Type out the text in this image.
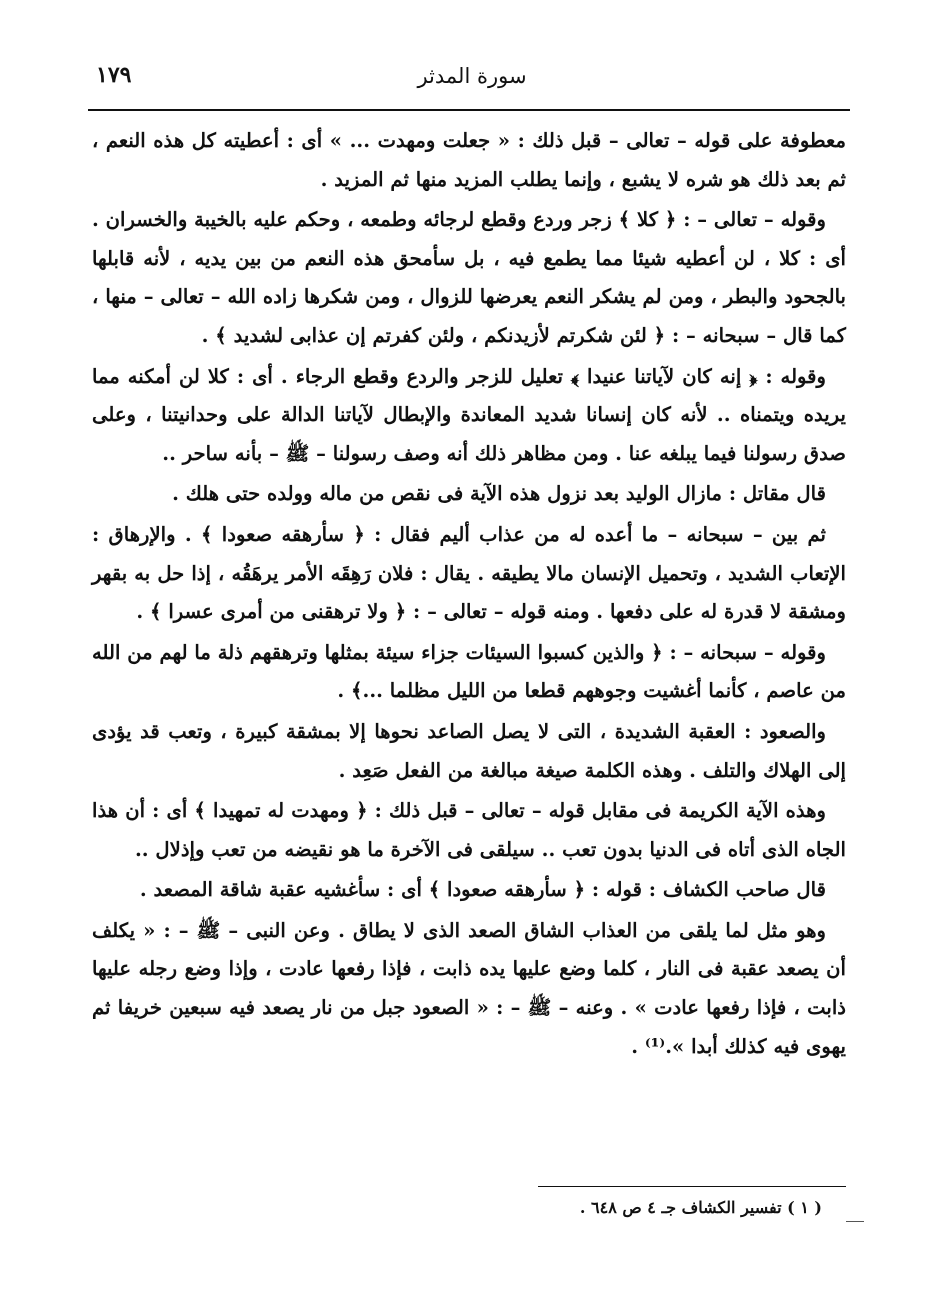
١٧٩	سورة المدثر

معطوفة على قوله – تعالى – قبل ذلك : « جعلت ومهدت ... » أى : أعطيته كل هذه النعم ، ثم بعد ذلك هو شره لا يشبع ، وإنما يطلب المزيد منها ثم المزيد .

وقوله – تعالى – : ﴿ كلا ﴾ زجر وردع وقطع لرجائه وطمعه ، وحكم عليه بالخيبة والخسران . أى : كلا ، لن أعطيه شيئا مما يطمع فيه ، بل سأمحق هذه النعم من بين يديه ، لأنه قابلها بالجحود والبطر ، ومن لم يشكر النعم يعرضها للزوال ، ومن شكرها زاده الله – تعالى – منها ، كما قال – سبحانه – : ﴿ لئن شكرتم لأزيدنكم ، ولئن كفرتم إن عذابى لشديد ﴾ .

وقوله : ﴿ إنه كان لآياتنا عنيدا ﴾ تعليل للزجر والردع وقطع الرجاء . أى : كلا لن أمكنه مما يريده ويتمناه .. لأنه كان إنسانا شديد المعاندة والإبطال لآياتنا الدالة على وحدانيتنا ، وعلى صدق رسولنا فيما يبلغه عنا . ومن مظاهر ذلك أنه وصف رسولنا – ﷺ – بأنه ساحر ..

قال مقاتل : مازال الوليد بعد نزول هذه الآية فى نقص من ماله وولده حتى هلك .

ثم بين – سبحانه – ما أعده له من عذاب أليم فقال : ﴿ سأرهقه صعودا ﴾ . والإرهاق : الإتعاب الشديد ، وتحميل الإنسان مالا يطيقه . يقال : فلان رَهِقَه الأمر يرهَقُه ، إذا حل به بقهر ومشقة لا قدرة له على دفعها . ومنه قوله – تعالى – : ﴿ ولا ترهقنى من أمرى عسرا ﴾ .

وقوله – سبحانه – : ﴿ والذين كسبوا السيئات جزاء سيئة بمثلها وترهقهم ذلة ما لهم من الله من عاصم ، كأنما أغشيت وجوههم قطعا من الليل مظلما ...﴾ .

والصعود : العقبة الشديدة ، التى لا يصل الصاعد نحوها إلا بمشقة كبيرة ، وتعب قد يؤدى إلى الهلاك والتلف . وهذه الكلمة صيغة مبالغة من الفعل صَعِد .

وهذه الآية الكريمة فى مقابل قوله – تعالى – قبل ذلك : ﴿ ومهدت له تمهيدا ﴾ أى : أن هذا الجاه الذى أتاه فى الدنيا بدون تعب .. سيلقى فى الآخرة ما هو نقيضه من تعب وإذلال ..

قال صاحب الكشاف : قوله : ﴿ سأرهقه صعودا ﴾ أى : سأغشيه عقبة شاقة المصعد .

وهو مثل لما يلقى من العذاب الشاق الصعد الذى لا يطاق . وعن النبى – ﷺ – : « يكلف أن يصعد عقبة فى النار ، كلما وضع عليها يده ذابت ، فإذا رفعها عادت ، وإذا وضع رجله عليها ذابت ، فإذا رفعها عادت » . وعنه – ﷺ – : « الصعود جبل من نار يصعد فيه سبعين خريفا ثم يهوى فيه كذلك أبدا ».⁽¹⁾ .

( ١ ) تفسير الكشاف جـ ٤ ص ٦٤٨ .
